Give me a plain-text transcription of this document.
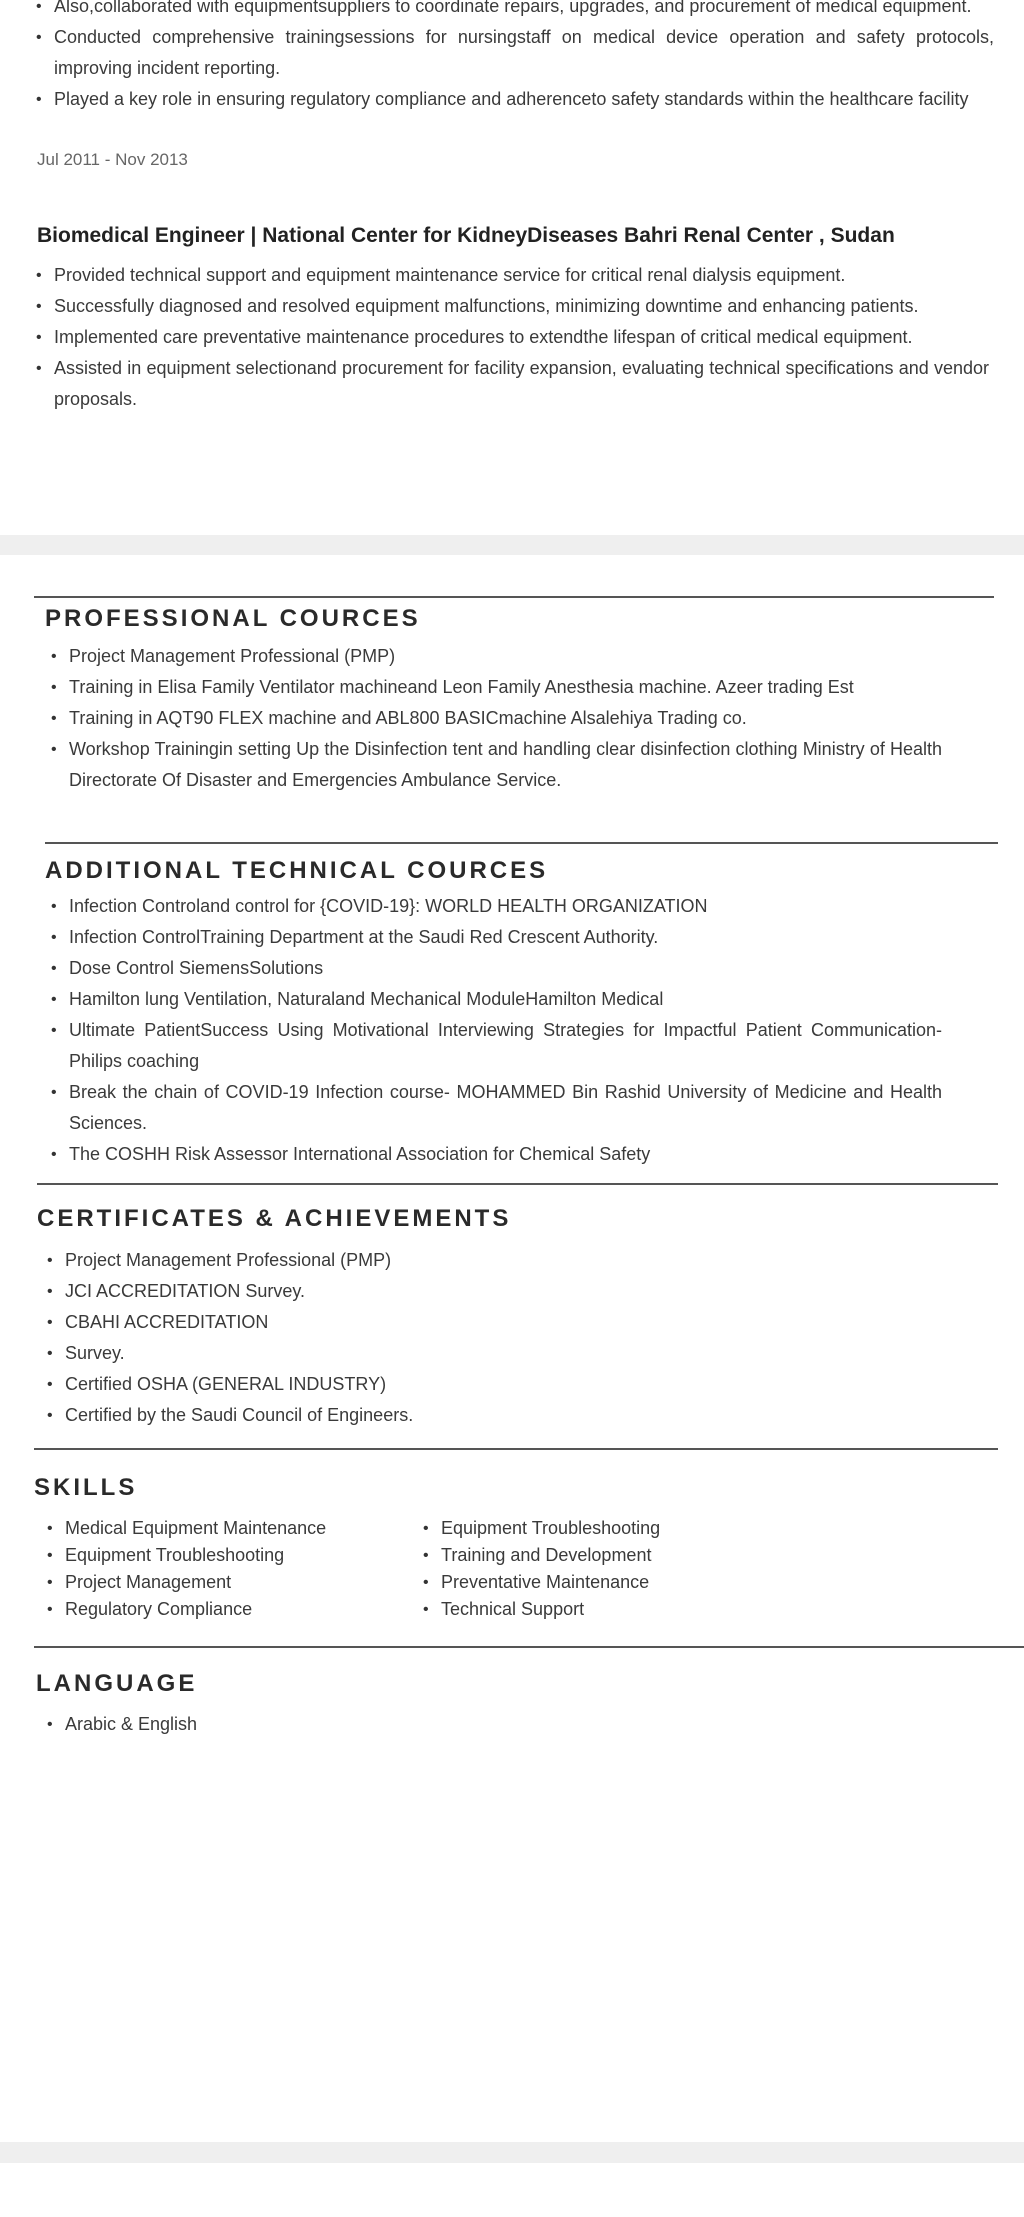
• Also,collaborated with equipmentsuppliers to coordinate repairs, upgrades, and procurement of medical equipment.
• Conducted comprehensive trainingsessions for nursingstaff on medical device operation and safety protocols, improving incident reporting.
• Played a key role in ensuring regulatory compliance and adherenceto safety standards within the healthcare facility
Jul 2011 - Nov 2013
Biomedical Engineer | National Center for KidneyDiseases Bahri Renal Center , Sudan
• Provided technical support and equipment maintenance service for critical renal dialysis equipment.
• Successfully diagnosed and resolved equipment malfunctions, minimizing downtime and enhancing patients.
• Implemented care preventative maintenance procedures to extendthe lifespan of critical medical equipment.
• Assisted in equipment selectionand procurement for facility expansion, evaluating technical specifications and vendor proposals.
PROFESSIONAL COURCES
• Project Management Professional (PMP)
• Training in Elisa Family Ventilator machineand Leon Family Anesthesia machine. Azeer trading Est
• Training in AQT90 FLEX machine and ABL800 BASICmachine Alsalehiya Trading co.
• Workshop Trainingin setting Up the Disinfection tent and handling clear disinfection clothing Ministry of Health Directorate Of Disaster and Emergencies Ambulance Service.
ADDITIONAL TECHNICAL COURCES
• Infection Controland control for {COVID-19}: WORLD HEALTH ORGANIZATION
• Infection ControlTraining Department at the Saudi Red Crescent Authority.
• Dose Control SiemensSolutions
• Hamilton lung Ventilation, Naturaland Mechanical ModuleHamilton Medical
• Ultimate PatientSuccess Using Motivational Interviewing Strategies for Impactful Patient Communication- Philips coaching
• Break the chain of COVID-19 Infection course- MOHAMMED Bin Rashid University of Medicine and Health Sciences.
• The COSHH Risk Assessor International Association for Chemical Safety
CERTIFICATES & ACHIEVEMENTS
• Project Management Professional (PMP)
• JCI ACCREDITATION Survey.
• CBAHI ACCREDITATION
• Survey.
• Certified OSHA (GENERAL INDUSTRY)
• Certified by the Saudi Council of Engineers.
SKILLS
• Medical Equipment Maintenance
• Equipment Troubleshooting
• Project Management
• Regulatory Compliance
• Equipment Troubleshooting
• Training and Development
• Preventative Maintenance
• Technical Support
LANGUAGE
• Arabic & English
